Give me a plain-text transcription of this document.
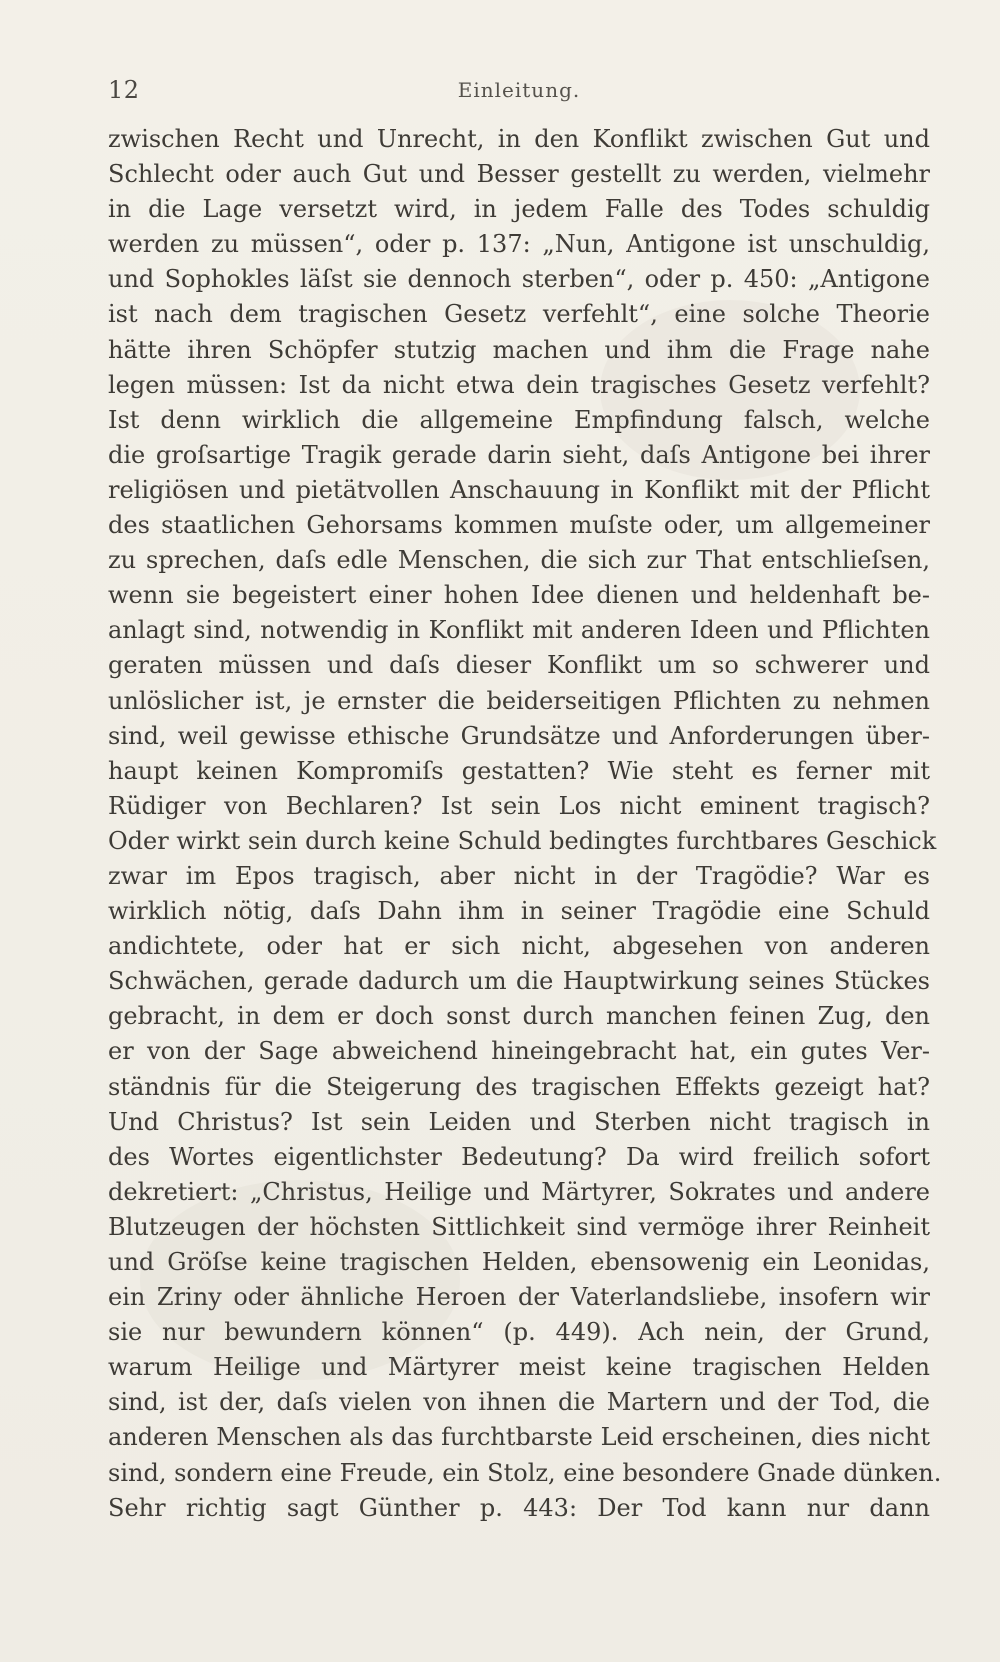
12	Einleitung.
zwischen Recht und Unrecht, in den Konflikt zwischen Gut und
Schlecht oder auch Gut und Besser gestellt zu werden, vielmehr
in die Lage versetzt wird, in jedem Falle des Todes schuldig
werden zu müssen“, oder p. 137: „Nun, Antigone ist unschuldig,
und Sophokles läſst sie dennoch sterben“, oder p. 450: „Antigone
ist nach dem tragischen Gesetz verfehlt“, eine solche Theorie
hätte ihren Schöpfer stutzig machen und ihm die Frage nahe
legen müssen: Ist da nicht etwa dein tragisches Gesetz verfehlt?
Ist denn wirklich die allgemeine Empfindung falsch, welche
die groſsartige Tragik gerade darin sieht, daſs Antigone bei ihrer
religiösen und pietätvollen Anschauung in Konflikt mit der Pflicht
des staatlichen Gehorsams kommen muſste oder, um allgemeiner
zu sprechen, daſs edle Menschen, die sich zur That entschlieſsen,
wenn sie begeistert einer hohen Idee dienen und heldenhaft be-
anlagt sind, notwendig in Konflikt mit anderen Ideen und Pflichten
geraten müssen und daſs dieser Konflikt um so schwerer und
unlöslicher ist, je ernster die beiderseitigen Pflichten zu nehmen
sind, weil gewisse ethische Grundsätze und Anforderungen über-
haupt keinen Kompromiſs gestatten? Wie steht es ferner mit
Rüdiger von Bechlaren? Ist sein Los nicht eminent tragisch?
Oder wirkt sein durch keine Schuld bedingtes furchtbares Geschick
zwar im Epos tragisch, aber nicht in der Tragödie? War es
wirklich nötig, daſs Dahn ihm in seiner Tragödie eine Schuld
andichtete, oder hat er sich nicht, abgesehen von anderen
Schwächen, gerade dadurch um die Hauptwirkung seines Stückes
gebracht, in dem er doch sonst durch manchen feinen Zug, den
er von der Sage abweichend hineingebracht hat, ein gutes Ver-
ständnis für die Steigerung des tragischen Effekts gezeigt hat?
Und Christus? Ist sein Leiden und Sterben nicht tragisch in
des Wortes eigentlichster Bedeutung? Da wird freilich sofort
dekretiert: „Christus, Heilige und Märtyrer, Sokrates und andere
Blutzeugen der höchsten Sittlichkeit sind vermöge ihrer Reinheit
und Gröſse keine tragischen Helden, ebensowenig ein Leonidas,
ein Zriny oder ähnliche Heroen der Vaterlandsliebe, insofern wir
sie nur bewundern können“ (p. 449). Ach nein, der Grund,
warum Heilige und Märtyrer meist keine tragischen Helden
sind, ist der, daſs vielen von ihnen die Martern und der Tod, die
anderen Menschen als das furchtbarste Leid erscheinen, dies nicht
sind, sondern eine Freude, ein Stolz, eine besondere Gnade dünken.
Sehr richtig sagt Günther p. 443: Der Tod kann nur dann
